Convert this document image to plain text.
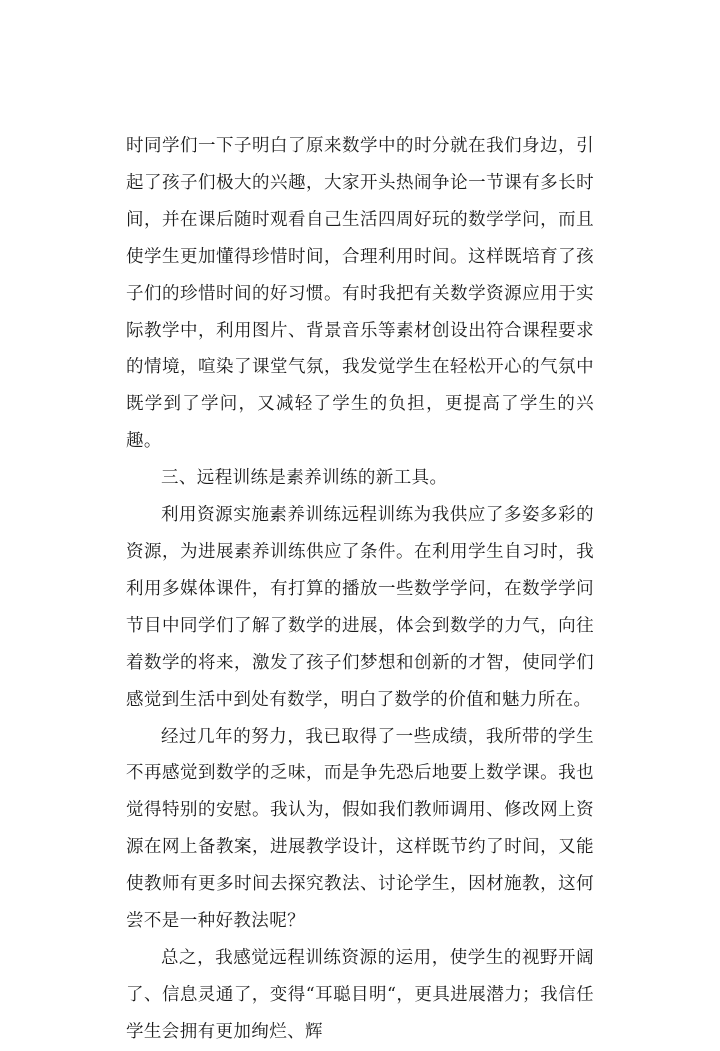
时同学们一下子明白了原来数学中的时分就在我们身边，引起了孩子们极大的兴趣，大家开头热闹争论一节课有多长时间，并在课后随时观看自己生活四周好玩的数学学问，而且使学生更加懂得珍惜时间，合理利用时间。这样既培育了孩子们的珍惜时间的好习惯。有时我把有关数学资源应用于实际教学中，利用图片、背景音乐等素材创设出符合课程要求的情境，喧染了课堂气氛，我发觉学生在轻松开心的气氛中既学到了学问，又减轻了学生的负担，更提高了学生的兴趣。

三、远程训练是素养训练的新工具。

利用资源实施素养训练远程训练为我供应了多姿多彩的资源，为进展素养训练供应了条件。在利用学生自习时，我利用多媒体课件，有打算的播放一些数学学问，在数学学问节目中同学们了解了数学的进展，体会到数学的力气，向往着数学的将来，激发了孩子们梦想和创新的才智，使同学们感觉到生活中到处有数学，明白了数学的价值和魅力所在。

经过几年的努力，我已取得了一些成绩，我所带的学生不再感觉到数学的乏味，而是争先恐后地要上数学课。我也觉得特别的安慰。我认为，假如我们教师调用、修改网上资源在网上备教案，进展教学设计，这样既节约了时间，又能使教师有更多时间去探究教法、讨论学生，因材施教，这何尝不是一种好教法呢？

总之，我感觉远程训练资源的运用，使学生的视野开阔了、信息灵通了，变得“耳聪目明“，更具进展潜力；我信任学生会拥有更加绚烂、辉
